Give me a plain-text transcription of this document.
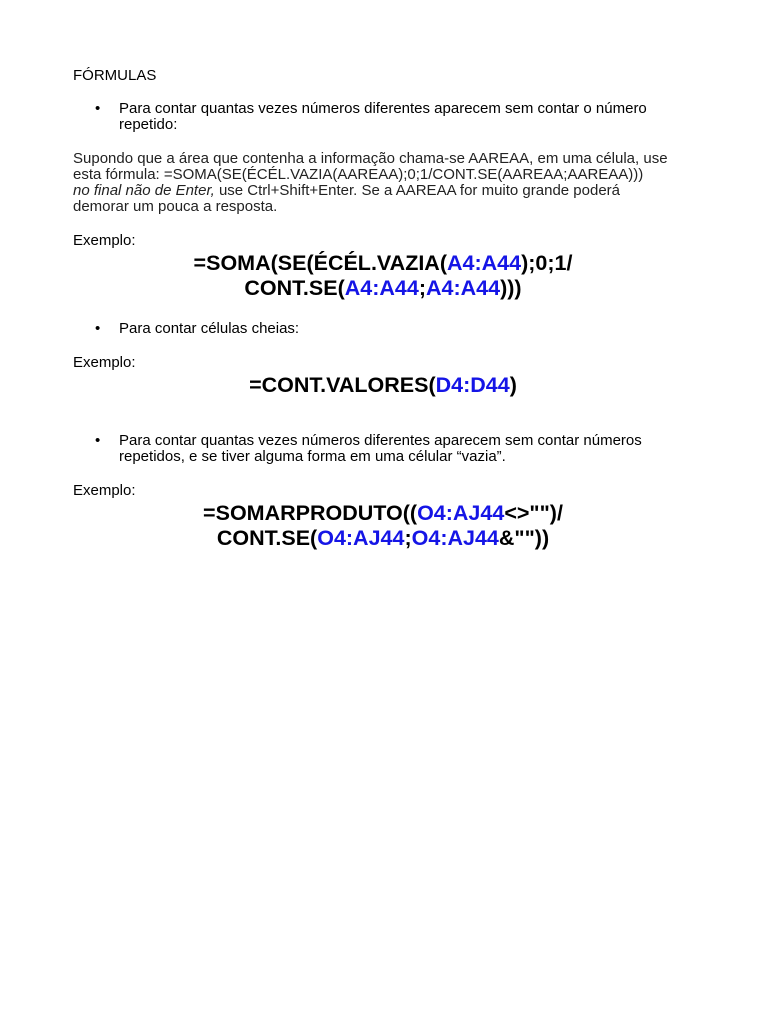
FÓRMULAS
• Para contar quantas vezes números diferentes aparecem sem contar o número repetido:
Supondo que a área que contenha a informação chama-se AAREAA, em uma célula, use
esta fórmula: =SOMA(SE(ÉCÉL.VAZIA(AAREAA);0;1/CONT.SE(AAREAA;AAREAA)))
no final não de Enter, use Ctrl+Shift+Enter. Se a AAREAA for muito grande poderá
demorar um pouca a resposta.
Exemplo:
=SOMA(SE(ÉCÉL.VAZIA(A4:A44);0;1/
CONT.SE(A4:A44;A4:A44)))
• Para contar células cheias:
Exemplo:
=CONT.VALORES(D4:D44)
• Para contar quantas vezes números diferentes aparecem sem contar números repetidos, e se tiver alguma forma em uma célular “vazia”.
Exemplo:
=SOMARPRODUTO((O4:AJ44<>"")/
CONT.SE(O4:AJ44;O4:AJ44&""))
